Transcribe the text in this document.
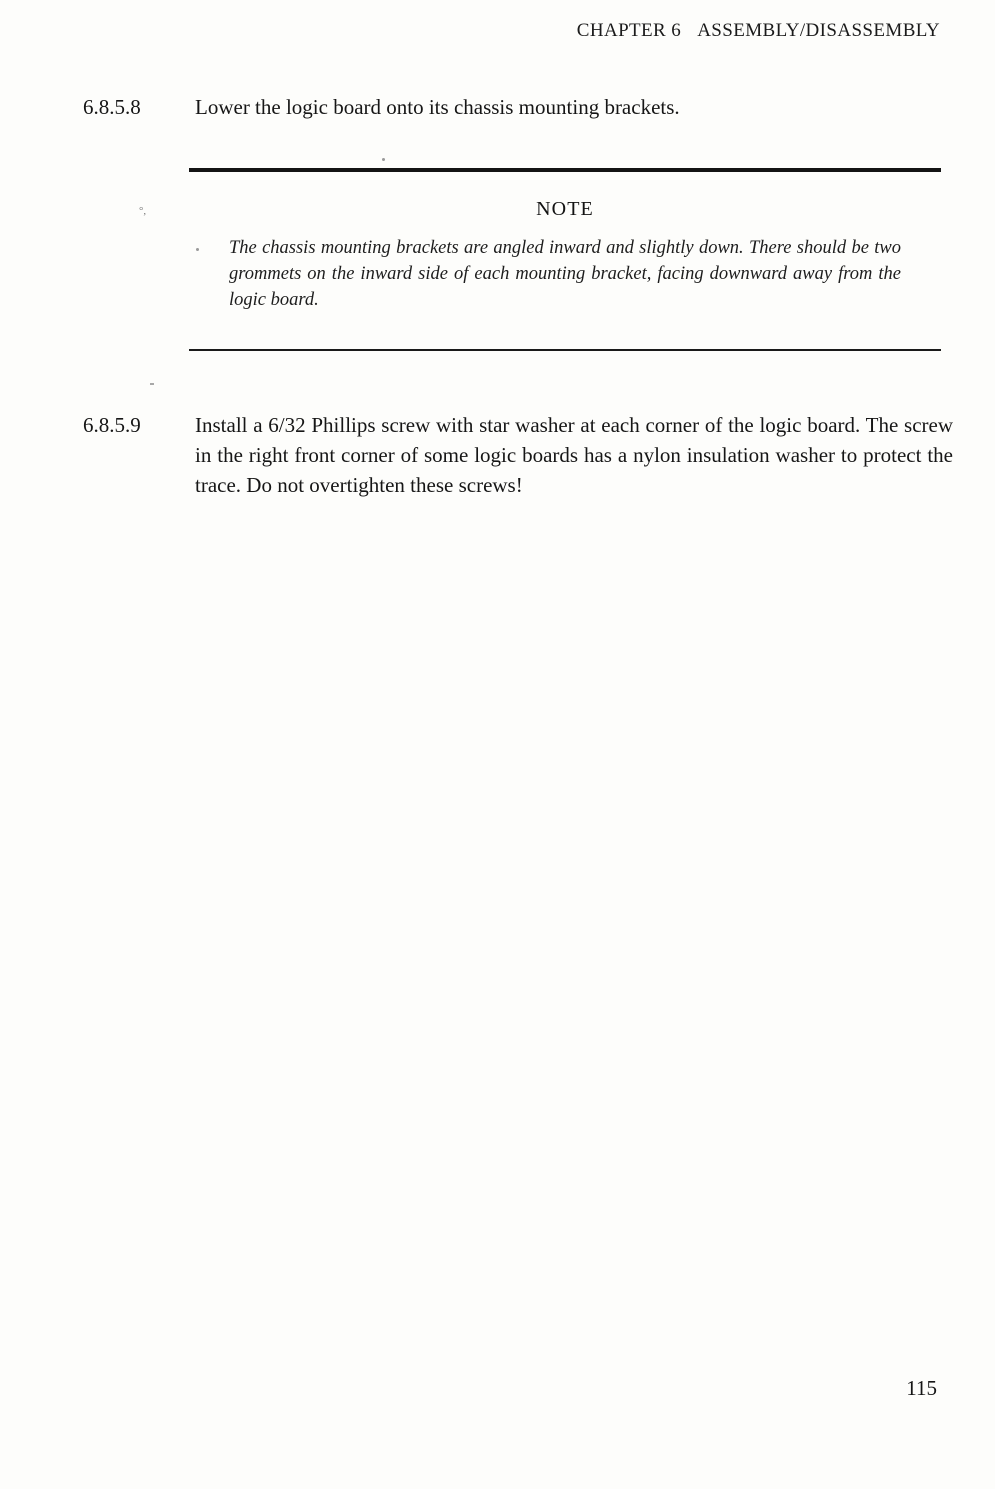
CHAPTER 6 ASSEMBLY/DISASSEMBLY
6.8.5.8	Lower the logic board onto its chassis mounting brackets.
NOTE
The chassis mounting brackets are angled inward and slightly down. There should be two grommets on the inward side of each mounting bracket, facing downward away from the logic board.
°,
6.8.5.9	Install a 6/32 Phillips screw with star washer at each corner of the logic board. The screw in the right front corner of some logic boards has a nylon insulation washer to protect the trace. Do not overtighten these screws!
115
